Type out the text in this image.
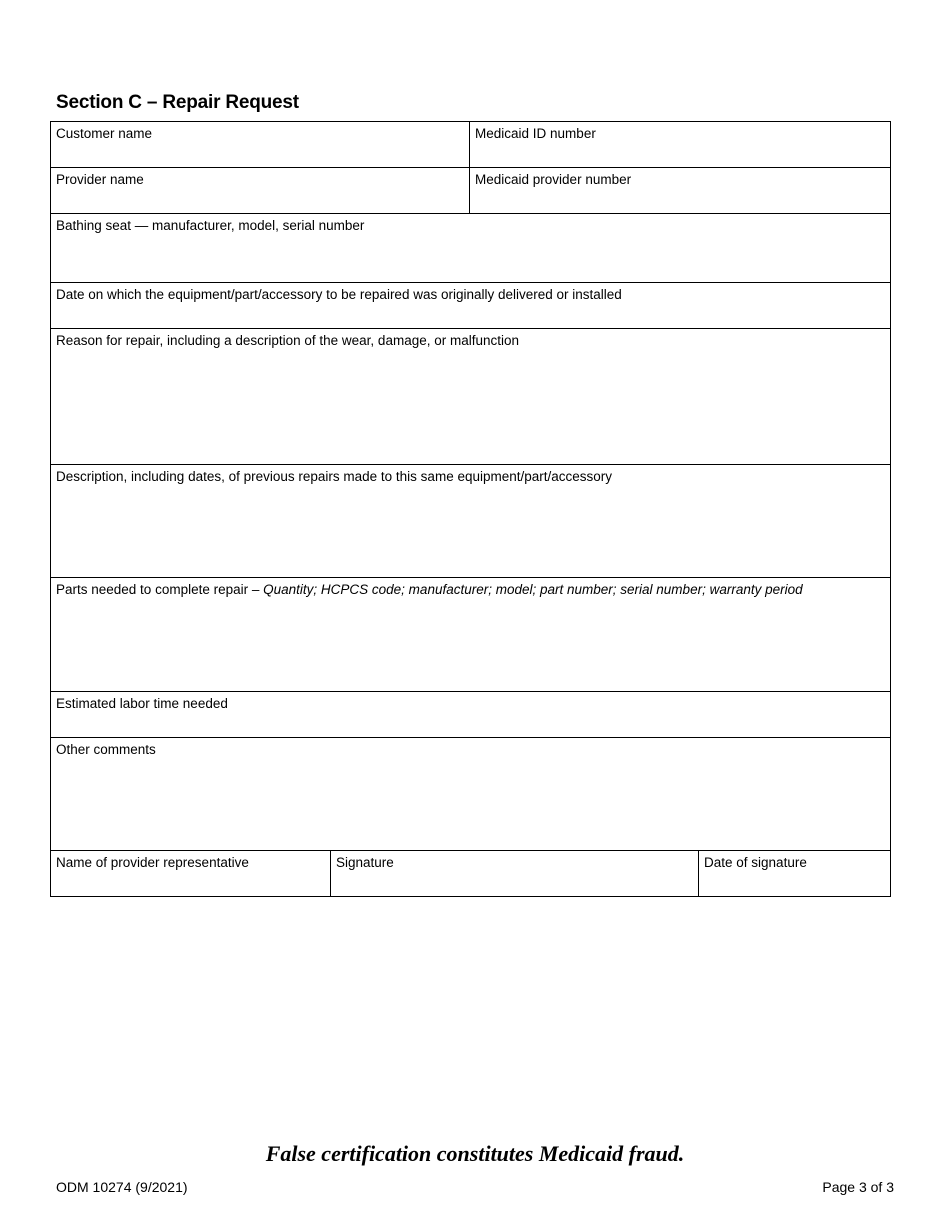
Section C – Repair Request
Customer name		Medicaid ID number	
Provider name		Medicaid provider number	
Bathing seat — manufacturer, model, serial number			
Date on which the equipment/part/accessory to be repaired was originally delivered or installed			
Reason for repair, including a description of the wear, damage, or malfunction			
Description, including dates, of previous repairs made to this same equipment/part/accessory			
Parts needed to complete repair – Quantity; HCPCS code; manufacturer; model; part number; serial number; warranty period			
Estimated labor time needed			
Other comments			
Name of provider representative	Signature		Date of signature
False certification constitutes Medicaid fraud.
ODM 10274 (9/2021)	Page 3 of 3
